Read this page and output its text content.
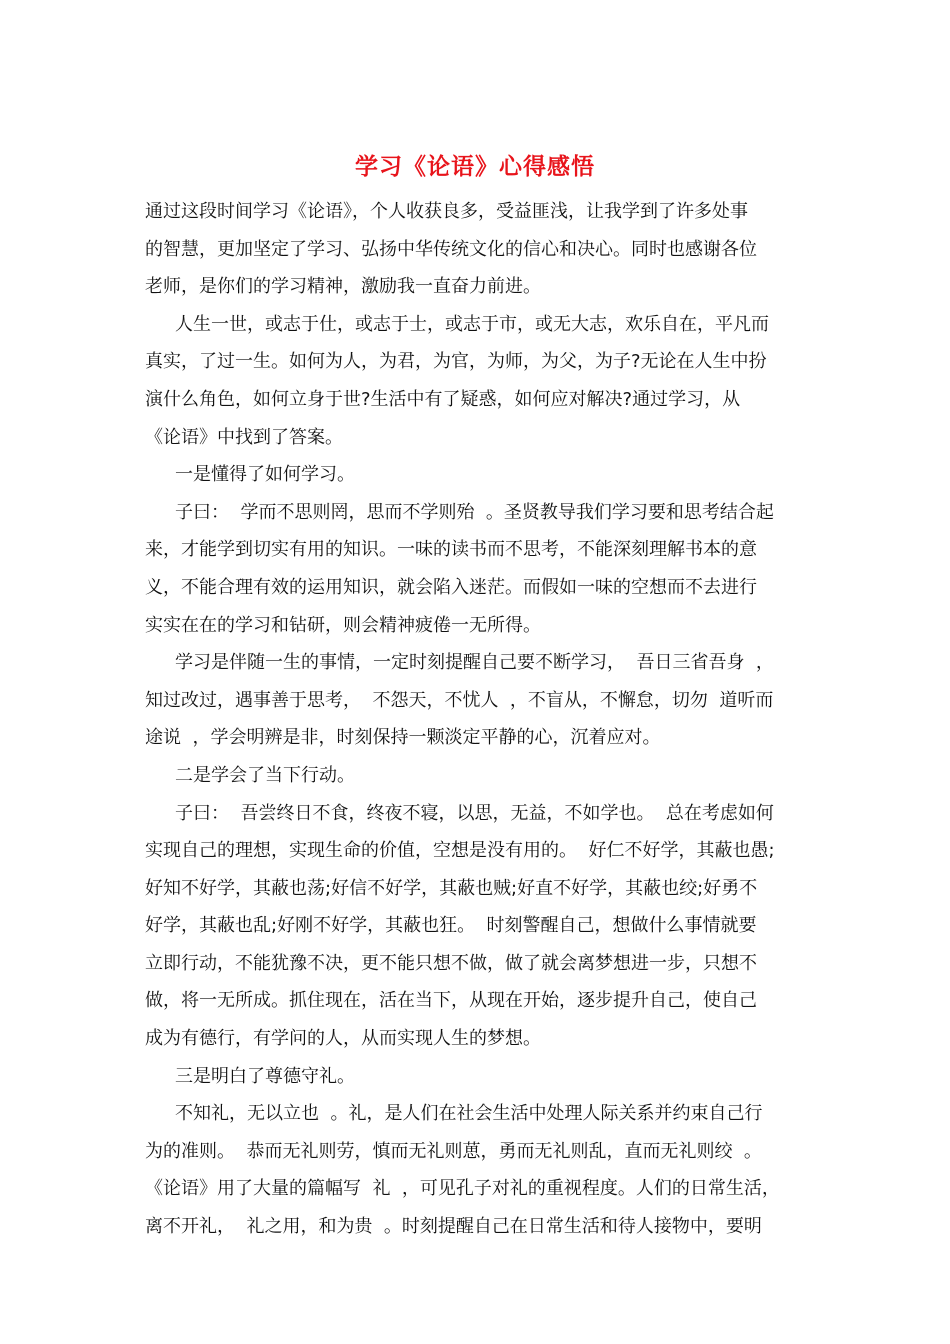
学习《论语》心得感悟
通过这段时间学习《论语》，个人收获良多，受益匪浅，让我学到了许多处事
的智慧，更加坚定了学习、弘扬中华传统文化的信心和决心。同时也感谢各位
老师，是你们的学习精神，激励我一直奋力前进。
人生一世，或志于仕，或志于士，或志于市，或无大志，欢乐自在，平凡而
真实，了过一生。如何为人，为君，为官，为师，为父，为子?无论在人生中扮
演什么角色，如何立身于世?生活中有了疑惑，如何应对解决?通过学习，从
《论语》中找到了答案。
一是懂得了如何学习。
子曰：  学而不思则罔，思而不学则殆  。圣贤教导我们学习要和思考结合起
来，才能学到切实有用的知识。一味的读书而不思考，不能深刻理解书本的意
义，不能合理有效的运用知识，就会陷入迷茫。而假如一味的空想而不去进行
实实在在的学习和钻研，则会精神疲倦一无所得。
学习是伴随一生的事情，一定时刻提醒自己要不断学习，  吾日三省吾身  ，
知过改过，遇事善于思考，  不怨天，不忧人  ，不盲从，不懈怠，切勿  道听而
途说  ，学会明辨是非，时刻保持一颗淡定平静的心，沉着应对。
二是学会了当下行动。
子曰：  吾尝终日不食，终夜不寝，以思，无益，不如学也。  总在考虑如何
实现自己的理想，实现生命的价值，空想是没有用的。  好仁不好学，其蔽也愚;
好知不好学，其蔽也荡;好信不好学，其蔽也贼;好直不好学，其蔽也绞;好勇不
好学，其蔽也乱;好刚不好学，其蔽也狂。  时刻警醒自己，想做什么事情就要
立即行动，不能犹豫不决，更不能只想不做，做了就会离梦想进一步，只想不
做，将一无所成。抓住现在，活在当下，从现在开始，逐步提升自己，使自己
成为有德行，有学问的人，从而实现人生的梦想。
三是明白了尊德守礼。
不知礼，无以立也  。礼，是人们在社会生活中处理人际关系并约束自己行
为的准则。  恭而无礼则劳，慎而无礼则葸，勇而无礼则乱，直而无礼则绞  。
《论语》用了大量的篇幅写  礼  ，可见孔子对礼的重视程度。人们的日常生活，
离不开礼，  礼之用，和为贵  。时刻提醒自己在日常生活和待人接物中，要明
